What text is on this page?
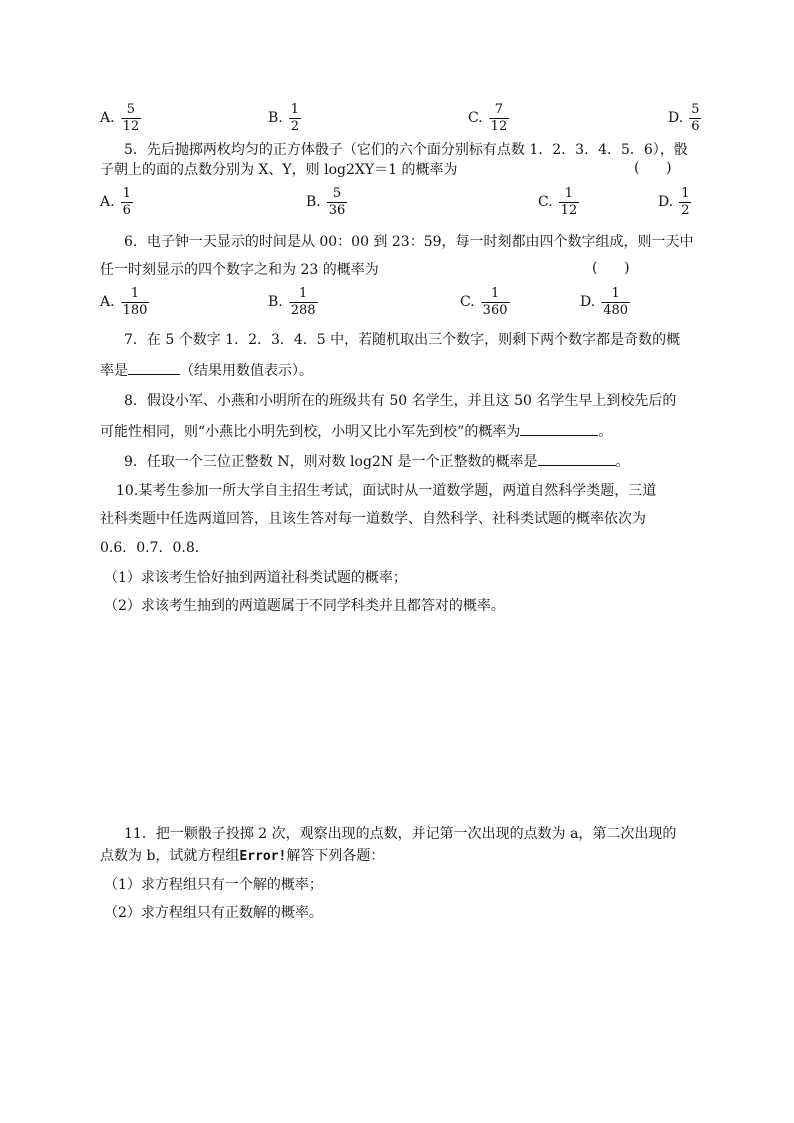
A. $\frac{5}{12}$	B. $\frac{1}{2}$	C. $\frac{7}{12}$	D. $\frac{5}{6}$
5．先后抛掷两枚均匀的正方体骰子（它们的六个面分别标有点数 1．2．3．4．5．6），骰
子朝上的面的点数分别为 X、Y，则 log2XY＝1 的概率为	(      )
A. $\frac{1}{6}$	B. $\frac{5}{36}$	C. $\frac{1}{12}$	D. $\frac{1}{2}$
6．电子钟一天显示的时间是从 00：00 到 23：59，每一时刻都由四个数字组成，则一天中
任一时刻显示的四个数字之和为 23 的概率为	(      )
A. $\frac{1}{180}$	B. $\frac{1}{288}$	C. $\frac{1}{360}$	D. $\frac{1}{480}$
7．在 5 个数字 1．2．3．4．5 中，若随机取出三个数字，则剩下两个数字都是奇数的概
率是	（结果用数值表示）。
8．假设小军、小燕和小明所在的班级共有 50 名学生，并且这 50 名学生早上到校先后的
可能性相同，则“小燕比小明先到校，小明又比小军先到校”的概率为	。
9．任取一个三位正整数 N，则对数 log2N 是一个正整数的概率是	。
10.某考生参加一所大学自主招生考试，面试时从一道数学题，两道自然科学类题，三道
社科类题中任选两道回答，且该生答对每一道数学、自然科学、社科类试题的概率依次为
0.6．0.7．0.8．
（1）求该考生恰好抽到两道社科类试题的概率；
（2）求该考生抽到的两道题属于不同学科类并且都答对的概率。
11．把一颗骰子投掷 2 次，观察出现的点数，并记第一次出现的点数为 a，第二次出现的
点数为 b，试就方程组Error!解答下列各题：
（1）求方程组只有一个解的概率；
（2）求方程组只有正数解的概率。
